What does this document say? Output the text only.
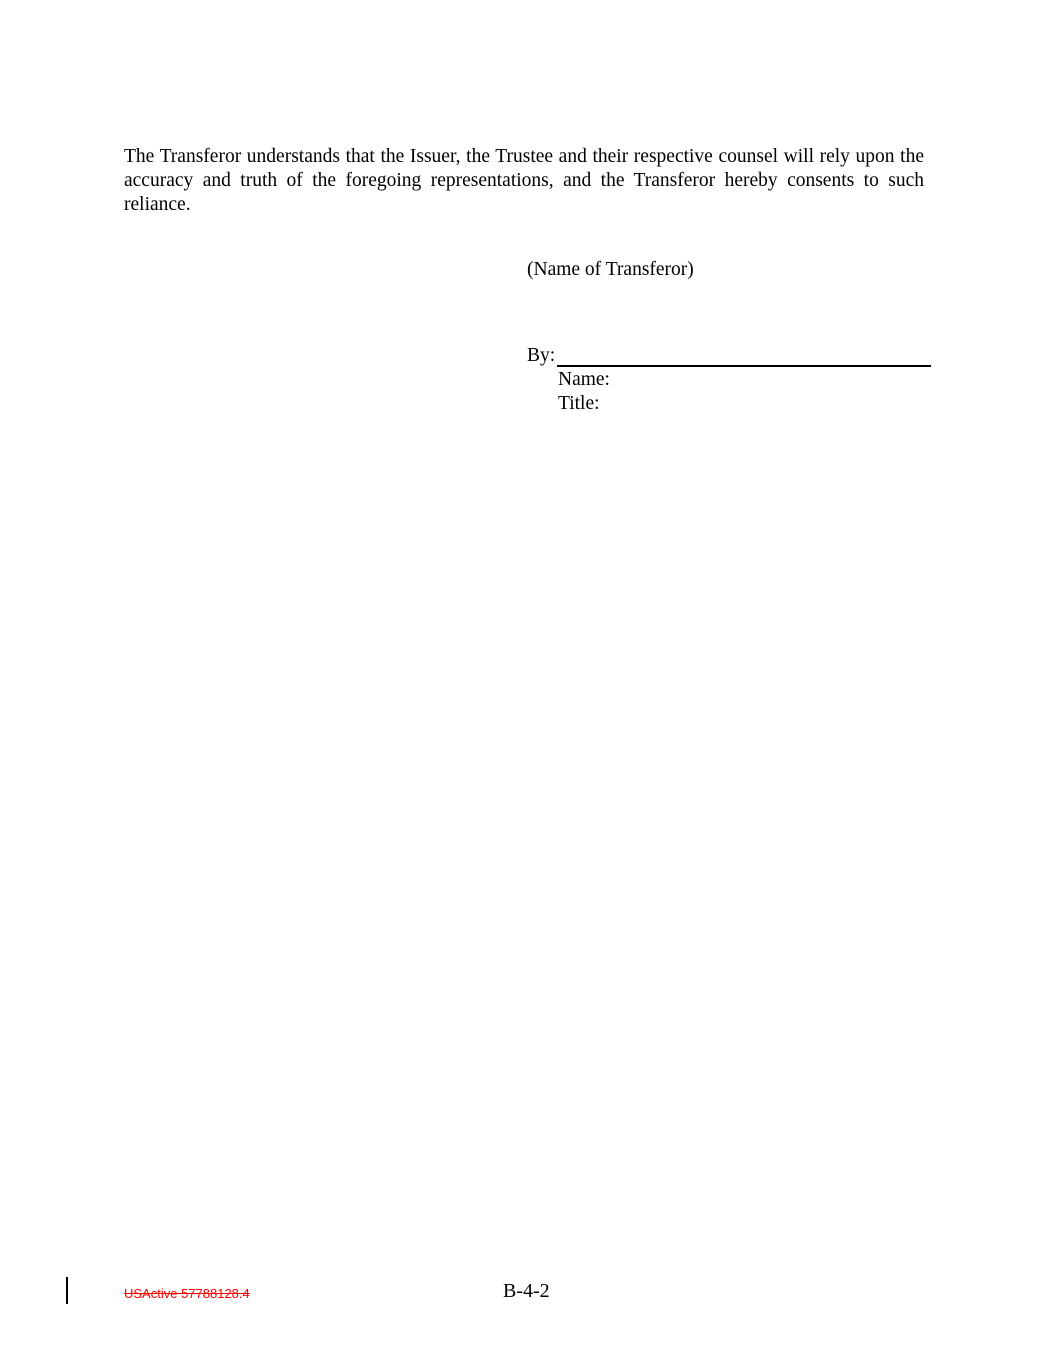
The Transferor understands that the Issuer, the Trustee and their respective counsel will rely upon the accuracy and truth of the foregoing representations, and the Transferor hereby consents to such reliance.

(Name of Transferor)
By:
Name:
Title:
USActive 57788128.4	B-4-2
